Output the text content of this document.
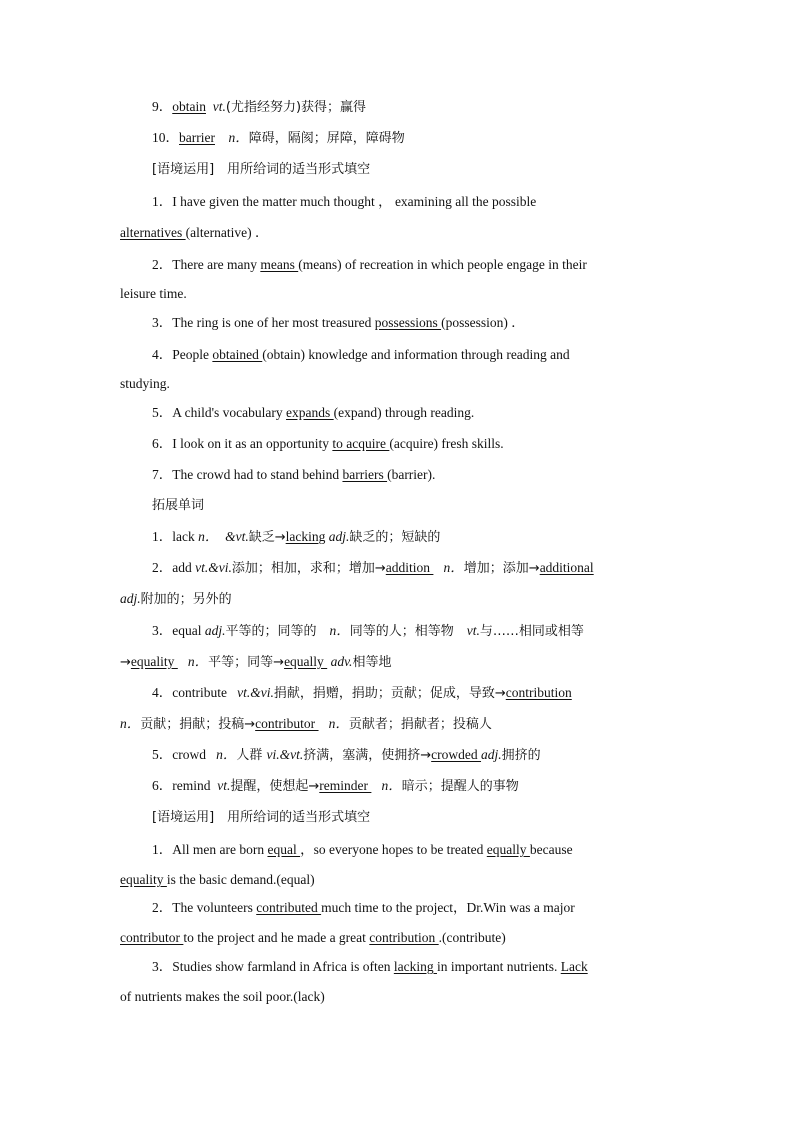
9．obtain vt.(尤指经努力)获得；赢得
10．barrier n．障碍，隔阂；屏障，障碍物
[语境运用]　用所给词的适当形式填空
1．I have given the matter much thought ， examining all the possible
alternatives (alternative) ．
2．There are many means (means) of recreation in which people engage in their
leisure time.
3．The ring is one of her most treasured possessions (possession) ．
4．People obtained (obtain) knowledge and information through reading and
studying.
5．A child's vocabulary expands (expand) through reading.
6．I look on it as an opportunity to acquire (acquire) fresh skills.
7．The crowd had to stand behind barriers (barrier).
拓展单词
1．lack n． &vt.缺乏→lacking adj.缺乏的；短缺的
2．add vt.&vi.添加；相加，求和；增加→addition    n．增加；添加→additional
adj.附加的；另外的
3．equal adj.平等的；同等的　n．同等的人；相等物　vt.与……相同或相等
→equality    n．平等；同等→equally  adv.相等地
4．contribute vt.&vi.捐献，捐赠，捐助；贡献；促成，导致→contribution
n．贡献；捐献；投稿→contributor    n．贡献者；捐献者；投稿人
5．crowd n．人群 vi.&vt.挤满，塞满，使拥挤→crowded adj.拥挤的
6．remind vt.提醒，使想起→reminder    n．暗示；提醒人的事物
[语境运用]　用所给词的适当形式填空
1．All men are born equal ，so everyone hopes to be treated equally because
equality is the basic demand.(equal)
2．The volunteers contributed much time to the project，Dr.Win was a major
contributor to the project and he made a great contribution .(contribute)
3．Studies show farmland in Africa is often lacking in important nutrients. Lack
of nutrients makes the soil poor.(lack)
